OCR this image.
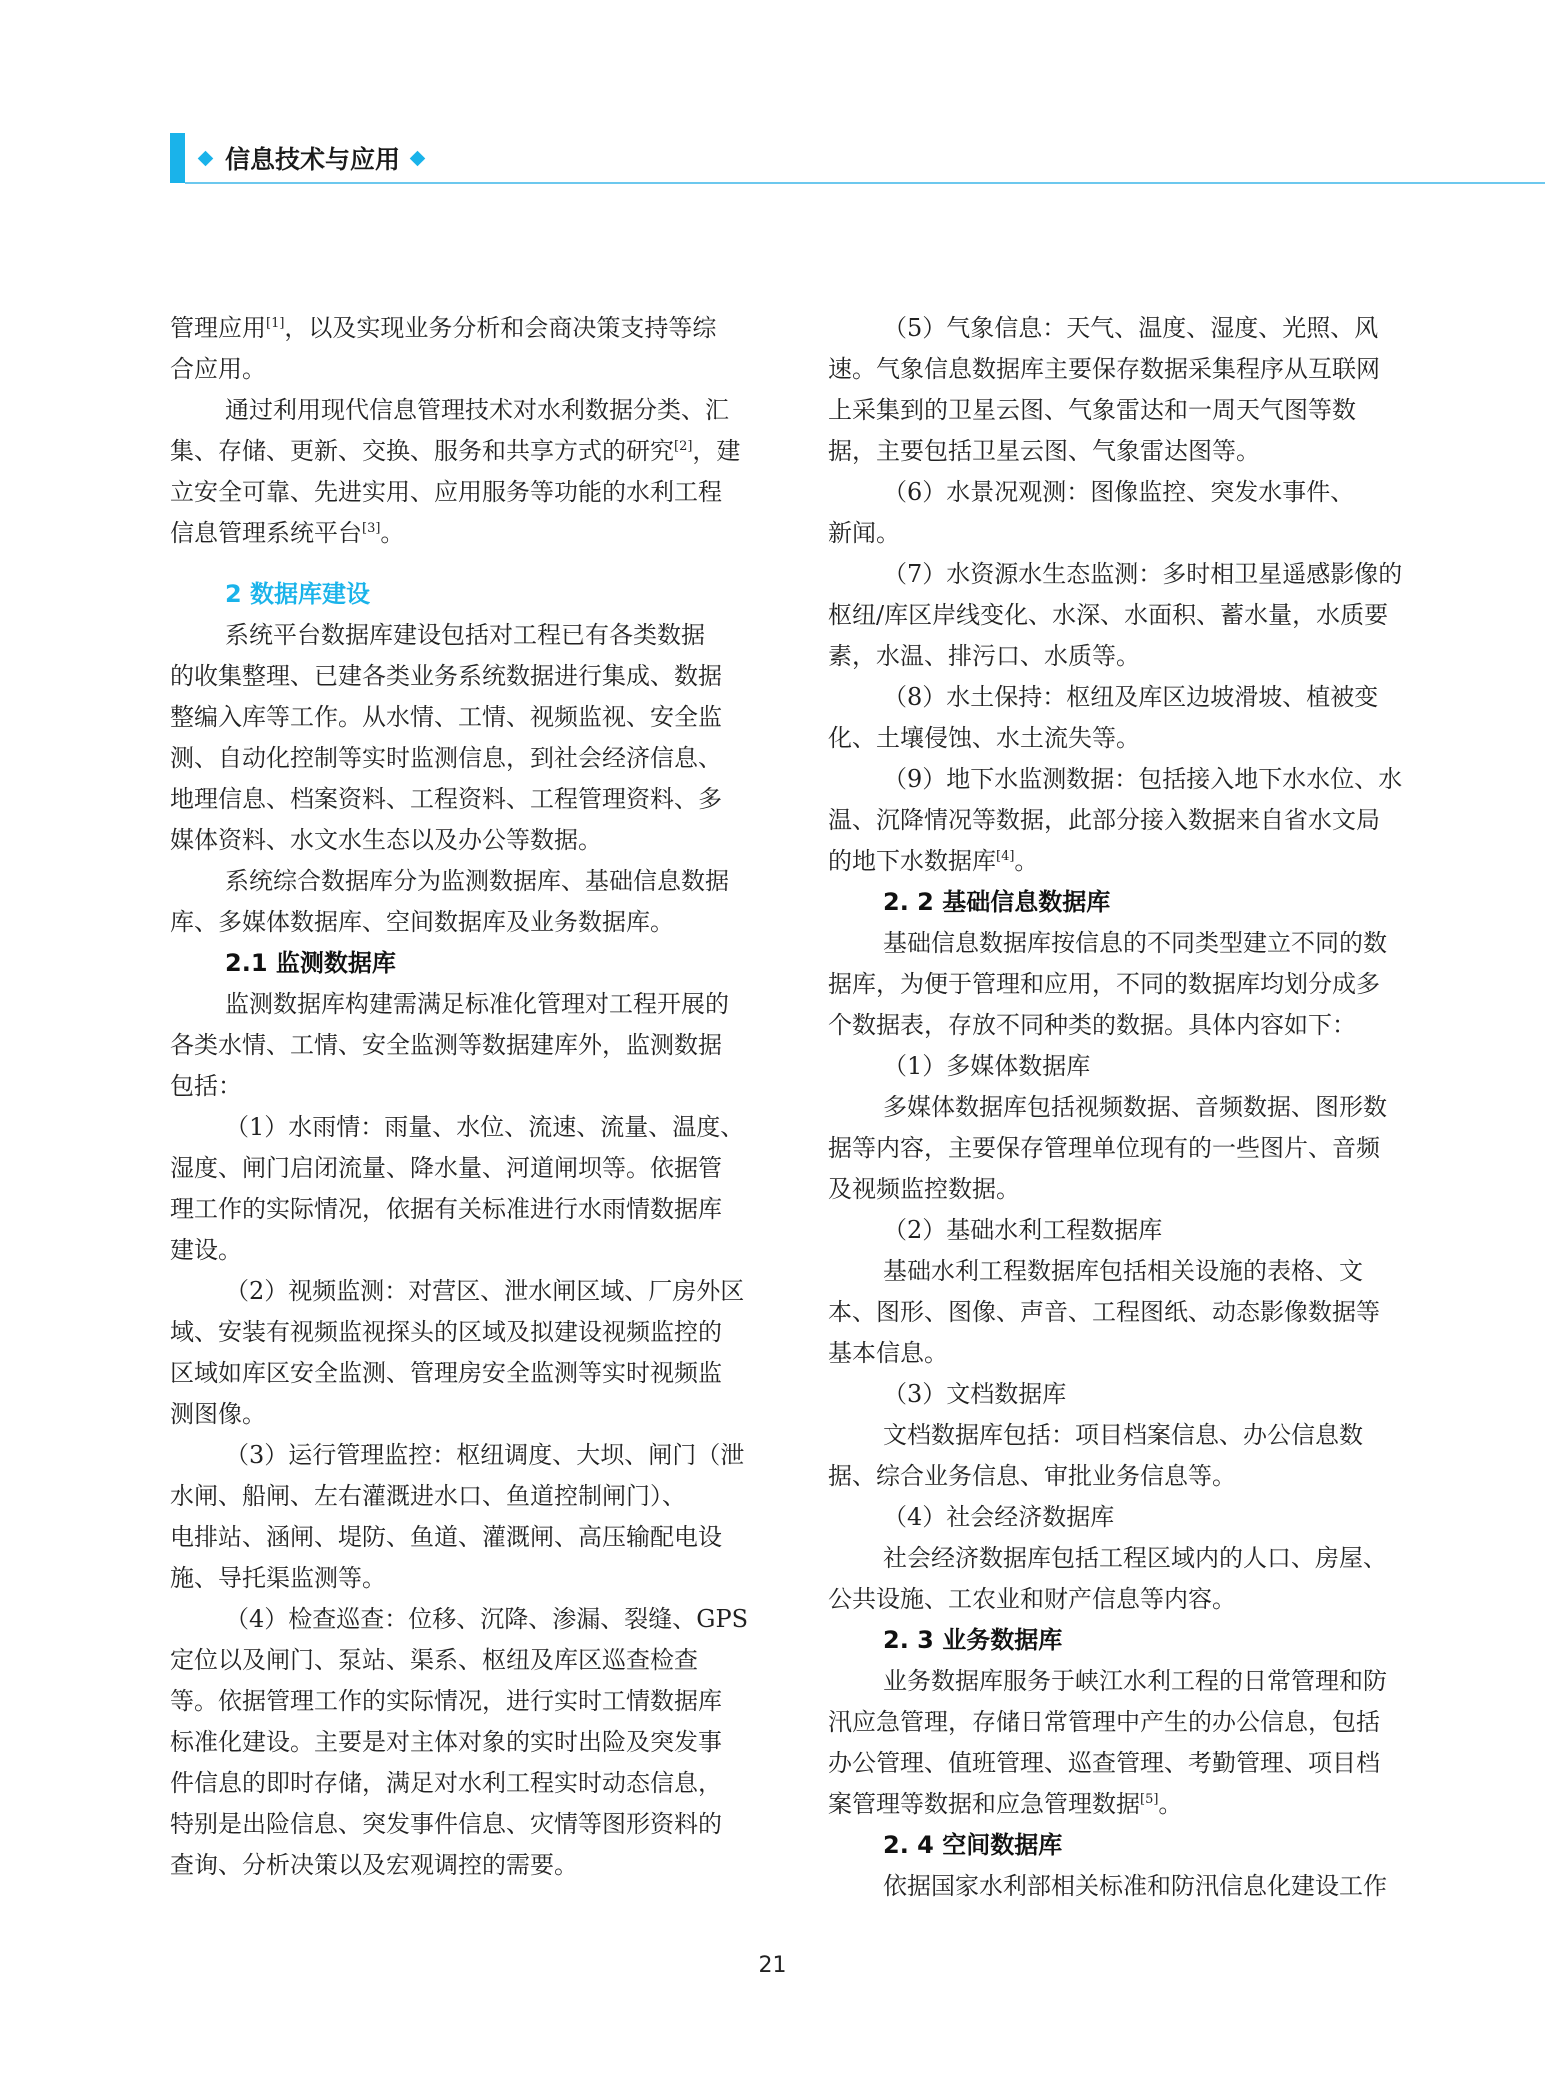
信息技术与应用
管理应用[1]，以及实现业务分析和会商决策支持等综
合应用。
通过利用现代信息管理技术对水利数据分类、汇
集、存储、更新、交换、服务和共享方式的研究[2]，建
立安全可靠、先进实用、应用服务等功能的水利工程
信息管理系统平台[3]。
2 数据库建设
系统平台数据库建设包括对工程已有各类数据
的收集整理、已建各类业务系统数据进行集成、数据
整编入库等工作。从水情、工情、视频监视、安全监
测、自动化控制等实时监测信息，到社会经济信息、
地理信息、档案资料、工程资料、工程管理资料、多
媒体资料、水文水生态以及办公等数据。
系统综合数据库分为监测数据库、基础信息数据
库、多媒体数据库、空间数据库及业务数据库。
2.1 监测数据库
监测数据库构建需满足标准化管理对工程开展的
各类水情、工情、安全监测等数据建库外，监测数据
包括：
（1）水雨情：雨量、水位、流速、流量、温度、
湿度、闸门启闭流量、降水量、河道闸坝等。依据管
理工作的实际情况，依据有关标准进行水雨情数据库
建设。
（2）视频监测：对营区、泄水闸区域、厂房外区
域、安装有视频监视探头的区域及拟建设视频监控的
区域如库区安全监测、管理房安全监测等实时视频监
测图像。
（3）运行管理监控：枢纽调度、大坝、闸门（泄
水闸、船闸、左右灌溉进水口、鱼道控制闸门）、
电排站、涵闸、堤防、鱼道、灌溉闸、高压输配电设
施、导托渠监测等。
（4）检查巡查：位移、沉降、渗漏、裂缝、GPS
定位以及闸门、泵站、渠系、枢纽及库区巡查检查
等。依据管理工作的实际情况，进行实时工情数据库
标准化建设。主要是对主体对象的实时出险及突发事
件信息的即时存储，满足对水利工程实时动态信息，
特别是出险信息、突发事件信息、灾情等图形资料的
查询、分析决策以及宏观调控的需要。
（5）气象信息：天气、温度、湿度、光照、风
速。气象信息数据库主要保存数据采集程序从互联网
上采集到的卫星云图、气象雷达和一周天气图等数
据，主要包括卫星云图、气象雷达图等。
（6）水景况观测：图像监控、突发水事件、
新闻。
（7）水资源水生态监测：多时相卫星遥感影像的
枢纽/库区岸线变化、水深、水面积、蓄水量，水质要
素，水温、排污口、水质等。
（8）水土保持：枢纽及库区边坡滑坡、植被变
化、土壤侵蚀、水土流失等。
（9）地下水监测数据：包括接入地下水水位、水
温、沉降情况等数据，此部分接入数据来自省水文局
的地下水数据库[4]。
2. 2 基础信息数据库
基础信息数据库按信息的不同类型建立不同的数
据库，为便于管理和应用，不同的数据库均划分成多
个数据表，存放不同种类的数据。具体内容如下：
（1）多媒体数据库
多媒体数据库包括视频数据、音频数据、图形数
据等内容，主要保存管理单位现有的一些图片、音频
及视频监控数据。
（2）基础水利工程数据库
基础水利工程数据库包括相关设施的表格、文
本、图形、图像、声音、工程图纸、动态影像数据等
基本信息。
（3）文档数据库
文档数据库包括：项目档案信息、办公信息数
据、综合业务信息、审批业务信息等。
（4）社会经济数据库
社会经济数据库包括工程区域内的人口、房屋、
公共设施、工农业和财产信息等内容。
2. 3 业务数据库
业务数据库服务于峡江水利工程的日常管理和防
汛应急管理，存储日常管理中产生的办公信息，包括
办公管理、值班管理、巡查管理、考勤管理、项目档
案管理等数据和应急管理数据[5]。
2. 4 空间数据库
依据国家水利部相关标准和防汛信息化建设工作
21
